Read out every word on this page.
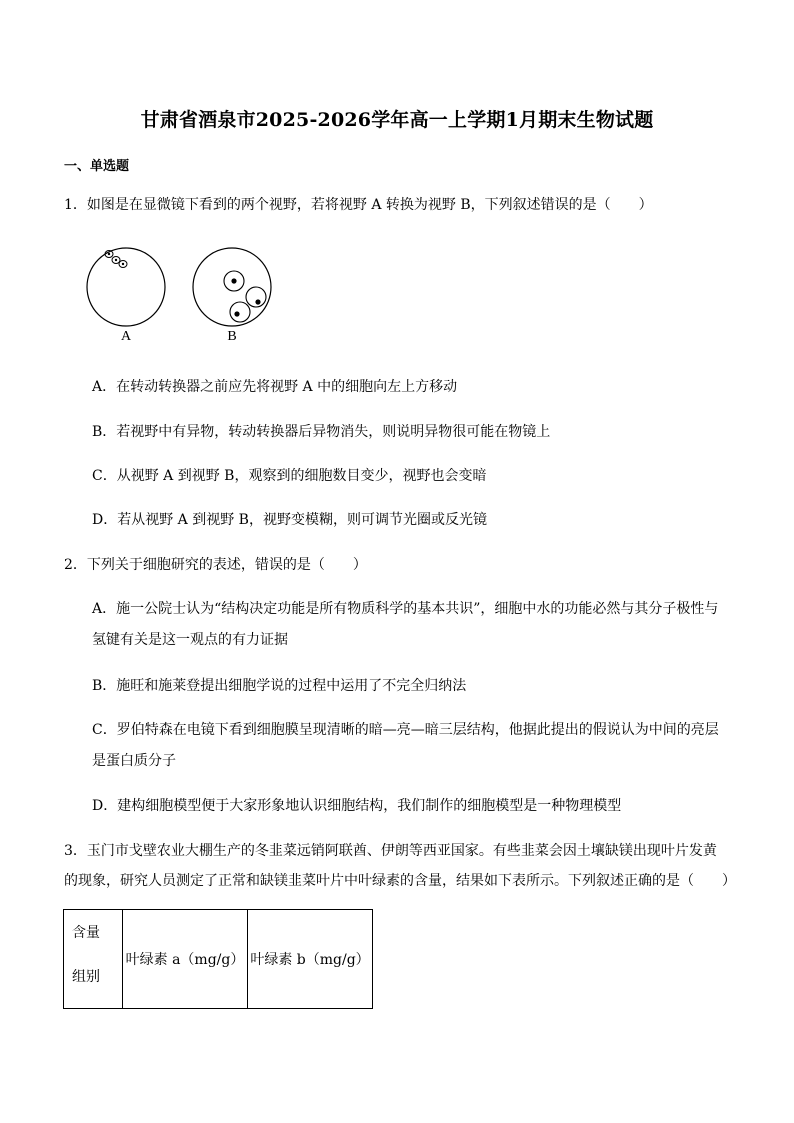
甘肃省酒泉市2025-2026学年高一上学期1月期末生物试题
一、单选题
1．如图是在显微镜下看到的两个视野，若将视野 A 转换为视野 B，下列叙述错误的是（　　）
A	B
A．在转动转换器之前应先将视野 A 中的细胞向左上方移动
B．若视野中有异物，转动转换器后异物消失，则说明异物很可能在物镜上
C．从视野 A 到视野 B，观察到的细胞数目变少，视野也会变暗
D．若从视野 A 到视野 B，视野变模糊，则可调节光圈或反光镜
2．下列关于细胞研究的表述，错误的是（　　）
A．施一公院士认为“结构决定功能是所有物质科学的基本共识”，细胞中水的功能必然与其分子极性与
氢键有关是这一观点的有力证据
B．施旺和施莱登提出细胞学说的过程中运用了不完全归纳法
C．罗伯特森在电镜下看到细胞膜呈现清晰的暗—亮—暗三层结构，他据此提出的假说认为中间的亮层
是蛋白质分子
D．建构细胞模型便于大家形象地认识细胞结构，我们制作的细胞模型是一种物理模型
3．玉门市戈壁农业大棚生产的冬韭菜远销阿联酋、伊朗等西亚国家。有些韭菜会因土壤缺镁出现叶片发黄
的现象，研究人员测定了正常和缺镁韭菜叶片中叶绿素的含量，结果如下表所示。下列叙述正确的是（　　）
含量
组别
	叶绿素 a（mg/g）	叶绿素 b（mg/g）
